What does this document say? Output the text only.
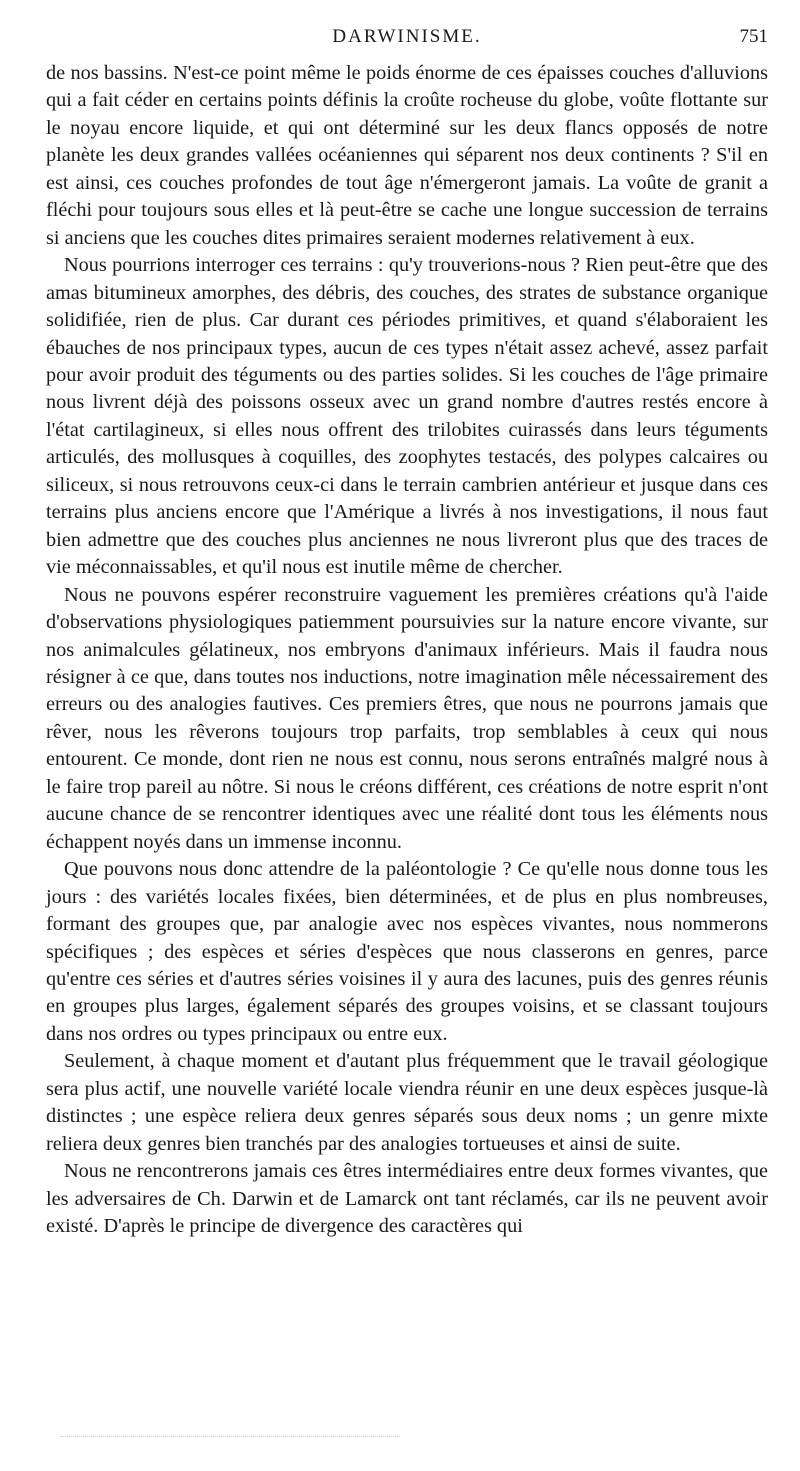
DARWINISME.	751

de nos bassins. N'est-ce point même le poids énorme de ces épaisses couches d'alluvions qui a fait céder en certains points définis la croûte rocheuse du globe, voûte flottante sur le noyau encore liquide, et qui ont déterminé sur les deux flancs opposés de notre planète les deux grandes vallées océaniennes qui séparent nos deux continents ? S'il en est ainsi, ces couches profondes de tout âge n'émergeront jamais. La voûte de granit a fléchi pour toujours sous elles et là peut-être se cache une longue succession de terrains si anciens que les couches dites primaires seraient modernes relativement à eux.

Nous pourrions interroger ces terrains : qu'y trouverions-nous ? Rien peut-être que des amas bitumineux amorphes, des débris, des couches, des strates de substance organique solidifiée, rien de plus. Car durant ces périodes primitives, et quand s'élaboraient les ébauches de nos principaux types, aucun de ces types n'était assez achevé, assez parfait pour avoir produit des téguments ou des parties solides. Si les couches de l'âge primaire nous livrent déjà des poissons osseux avec un grand nombre d'autres restés encore à l'état cartilagineux, si elles nous offrent des trilobites cuirassés dans leurs téguments articulés, des mollusques à coquilles, des zoophytes testacés, des polypes calcaires ou siliceux, si nous retrouvons ceux-ci dans le terrain cambrien antérieur et jusque dans ces terrains plus anciens encore que l'Amérique a livrés à nos investigations, il nous faut bien admettre que des couches plus anciennes ne nous livreront plus que des traces de vie méconnaissables, et qu'il nous est inutile même de chercher.

Nous ne pouvons espérer reconstruire vaguement les premières créations qu'à l'aide d'observations physiologiques patiemment poursuivies sur la nature encore vivante, sur nos animalcules gélatineux, nos embryons d'animaux inférieurs. Mais il faudra nous résigner à ce que, dans toutes nos inductions, notre imagination mêle nécessairement des erreurs ou des analogies fautives. Ces premiers êtres, que nous ne pourrons jamais que rêver, nous les rêverons toujours trop parfaits, trop semblables à ceux qui nous entourent. Ce monde, dont rien ne nous est connu, nous serons entraînés malgré nous à le faire trop pareil au nôtre. Si nous le créons différent, ces créations de notre esprit n'ont aucune chance de se rencontrer identiques avec une réalité dont tous les éléments nous échappent noyés dans un immense inconnu.

Que pouvons nous donc attendre de la paléontologie ? Ce qu'elle nous donne tous les jours : des variétés locales fixées, bien déterminées, et de plus en plus nombreuses, formant des groupes que, par analogie avec nos espèces vivantes, nous nommerons spécifiques ; des espèces et séries d'espèces que nous classerons en genres, parce qu'entre ces séries et d'autres séries voisines il y aura des lacunes, puis des genres réunis en groupes plus larges, également séparés des groupes voisins, et se classant toujours dans nos ordres ou types principaux ou entre eux.

Seulement, à chaque moment et d'autant plus fréquemment que le travail géologique sera plus actif, une nouvelle variété locale viendra réunir en une deux espèces jusque-là distinctes ; une espèce reliera deux genres séparés sous deux noms ; un genre mixte reliera deux genres bien tranchés par des analogies tortueuses et ainsi de suite.

Nous ne rencontrerons jamais ces êtres intermédiaires entre deux formes vivantes, que les adversaires de Ch. Darwin et de Lamarck ont tant réclamés, car ils ne peuvent avoir existé. D'après le principe de divergence des caractères qui
